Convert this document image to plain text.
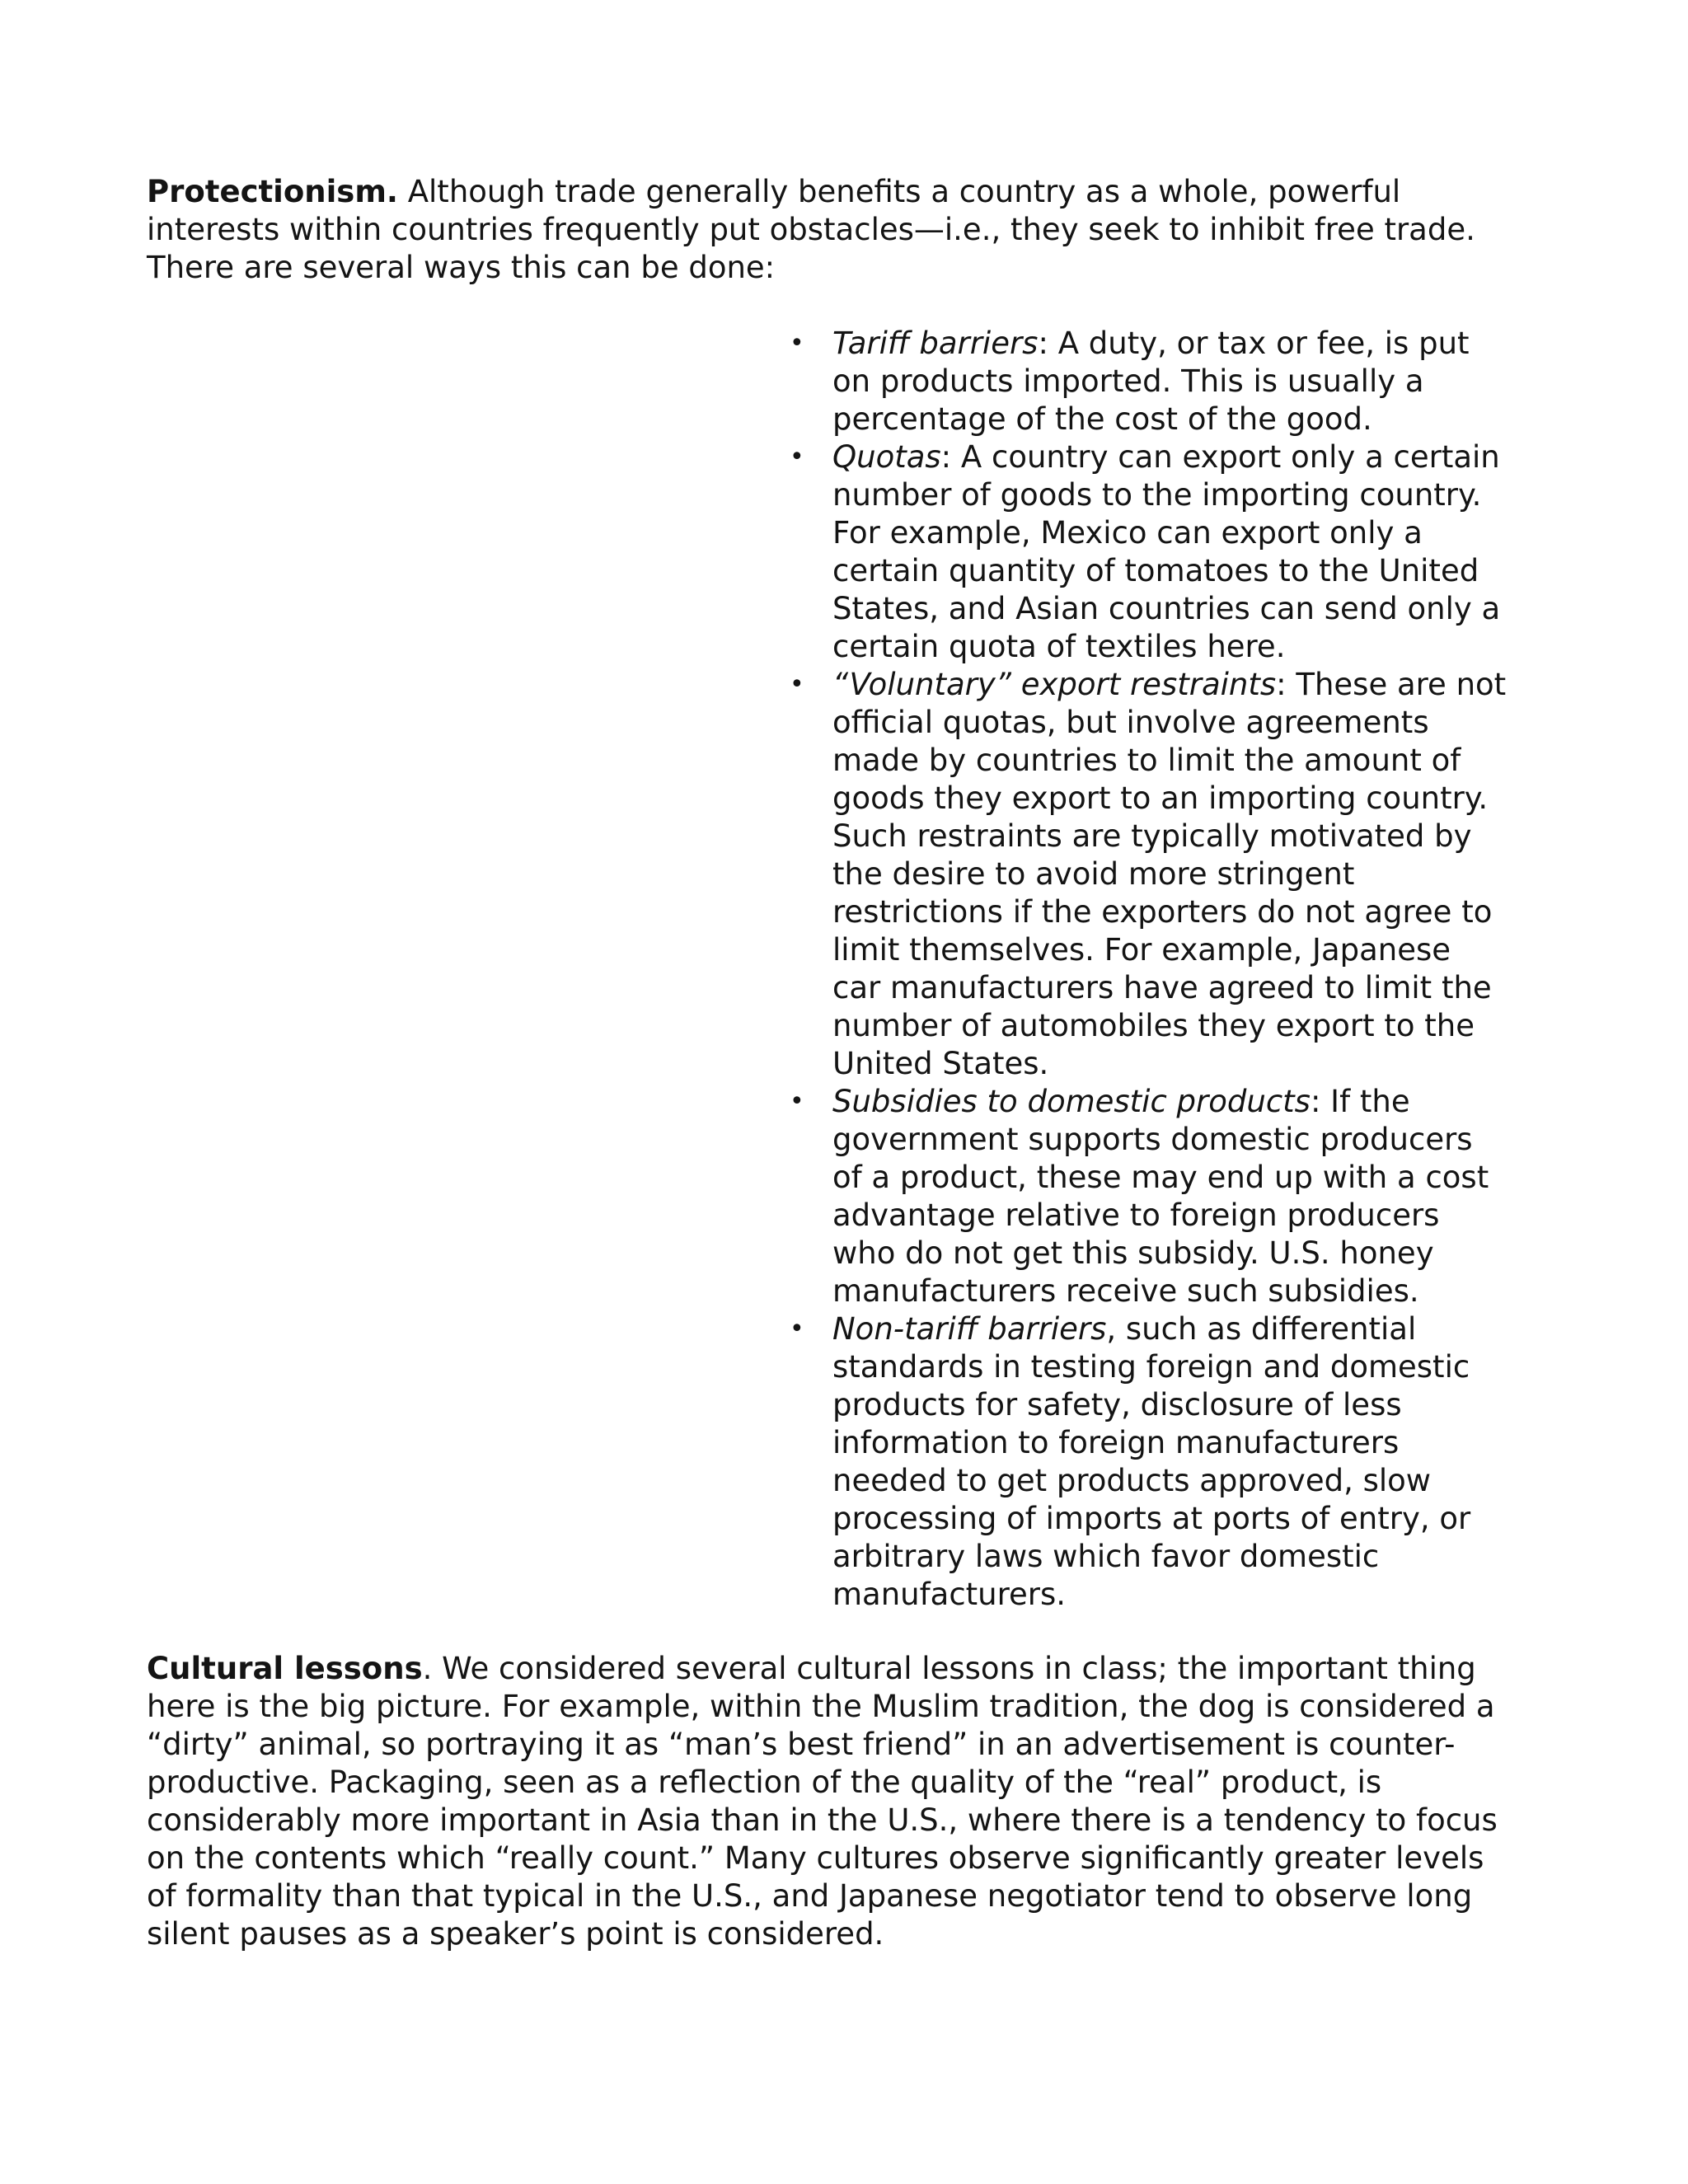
Protectionism. Although trade generally benefits a country as a whole, powerful interests within countries frequently put obstacles—i.e., they seek to inhibit free trade. There are several ways this can be done:

• Tariff barriers: A duty, or tax or fee, is put on products imported. This is usually a percentage of the cost of the good.
• Quotas: A country can export only a certain number of goods to the importing country. For example, Mexico can export only a certain quantity of tomatoes to the United States, and Asian countries can send only a certain quota of textiles here.
• “Voluntary” export restraints: These are not official quotas, but involve agreements made by countries to limit the amount of goods they export to an importing country. Such restraints are typically motivated by the desire to avoid more stringent restrictions if the exporters do not agree to limit themselves. For example, Japanese car manufacturers have agreed to limit the number of automobiles they export to the United States.
• Subsidies to domestic products: If the government supports domestic producers of a product, these may end up with a cost advantage relative to foreign producers who do not get this subsidy. U.S. honey manufacturers receive such subsidies.
• Non-tariff barriers, such as differential standards in testing foreign and domestic products for safety, disclosure of less information to foreign manufacturers needed to get products approved, slow processing of imports at ports of entry, or arbitrary laws which favor domestic manufacturers.

Cultural lessons. We considered several cultural lessons in class; the important thing here is the big picture. For example, within the Muslim tradition, the dog is considered a “dirty” animal, so portraying it as “man’s best friend” in an advertisement is counter-productive. Packaging, seen as a reflection of the quality of the “real” product, is considerably more important in Asia than in the U.S., where there is a tendency to focus on the contents which “really count.” Many cultures observe significantly greater levels of formality than that typical in the U.S., and Japanese negotiator tend to observe long silent pauses as a speaker’s point is considered.
